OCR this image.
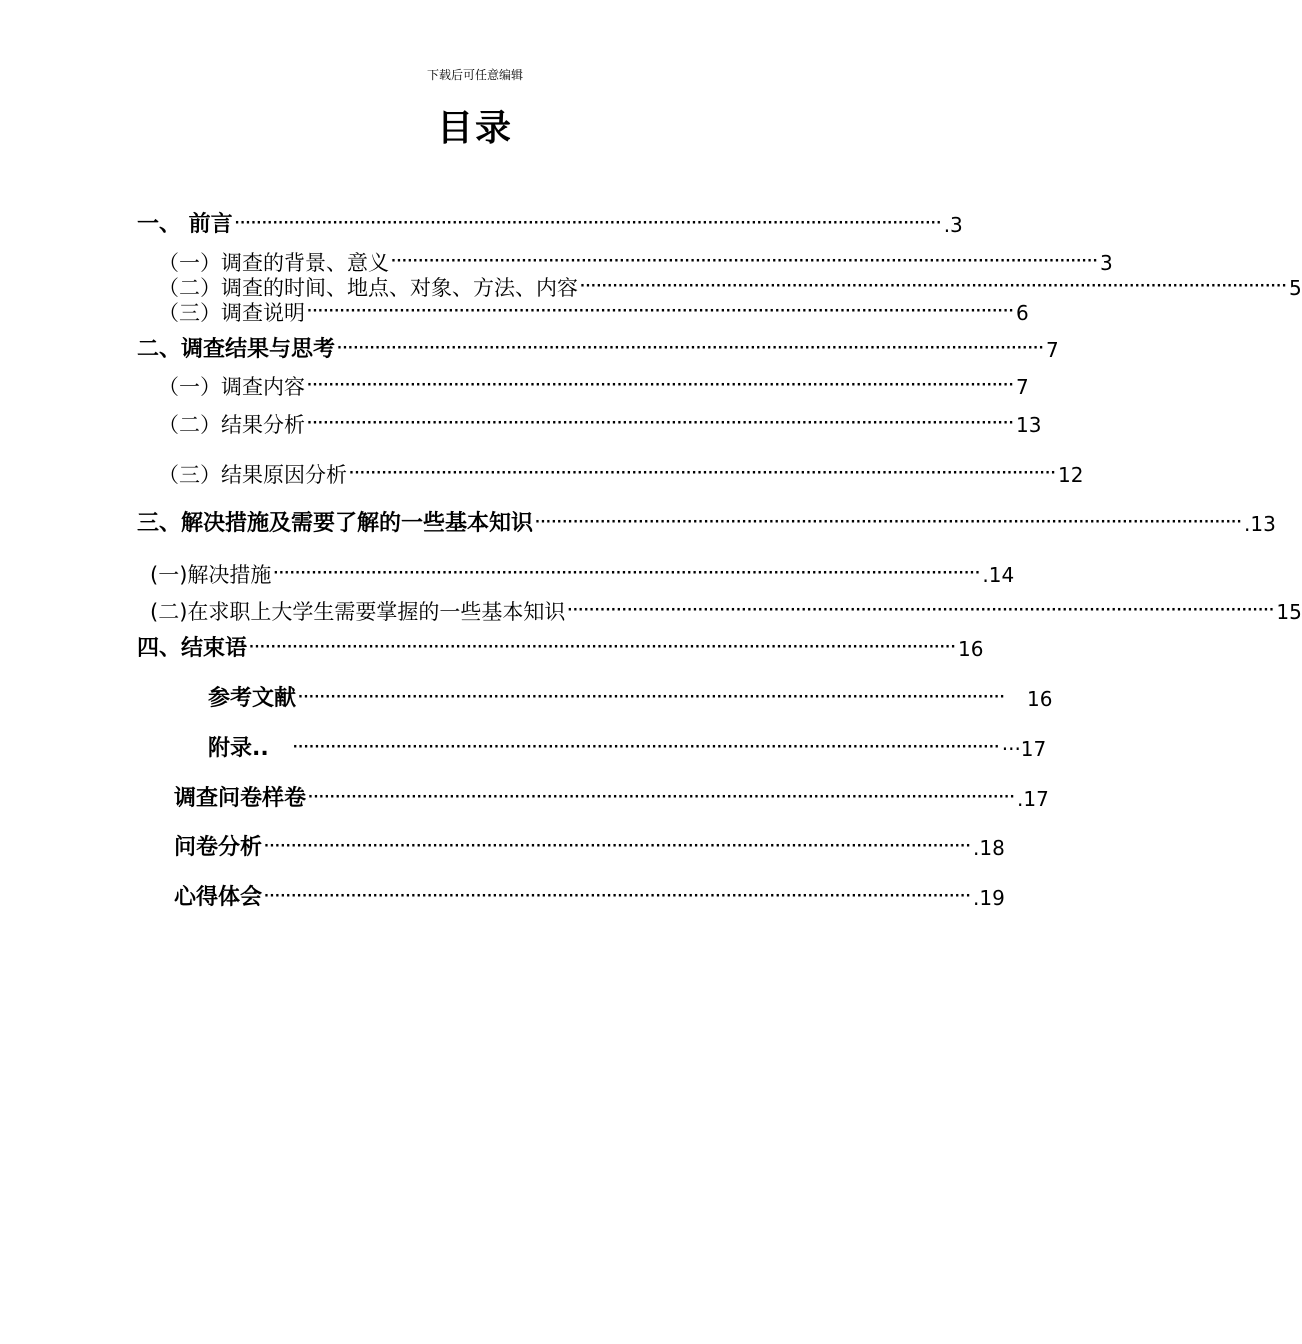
下载后可任意编辑
目录
一、 前言 ·································································································································· .3
（一）调查的背景、意义 ·································································································································· 3
（二）调查的时间、地点、对象、方法、内容 ·································································································································· 5
（三）调查说明 ·································································································································· 6
二、调查结果与思考 ·································································································································· 7
（一）调查内容 ·································································································································· 7
（二）结果分析 ·································································································································· 13
（三）结果原因分析 ·································································································································· 12
三、解决措施及需要了解的一些基本知识 ·································································································································· .13
(一)解决措施 ·································································································································· .14
(二)在求职上大学生需要掌握的一些基本知识 ·································································································································· 15
四、结束语 ·································································································································· 16
参考文献 ·································································································································· 16
附录.. ·································································································································· ···17
调查问卷样卷 ·································································································································· .17
问卷分析 ·································································································································· .18
心得体会 ·································································································································· .19
